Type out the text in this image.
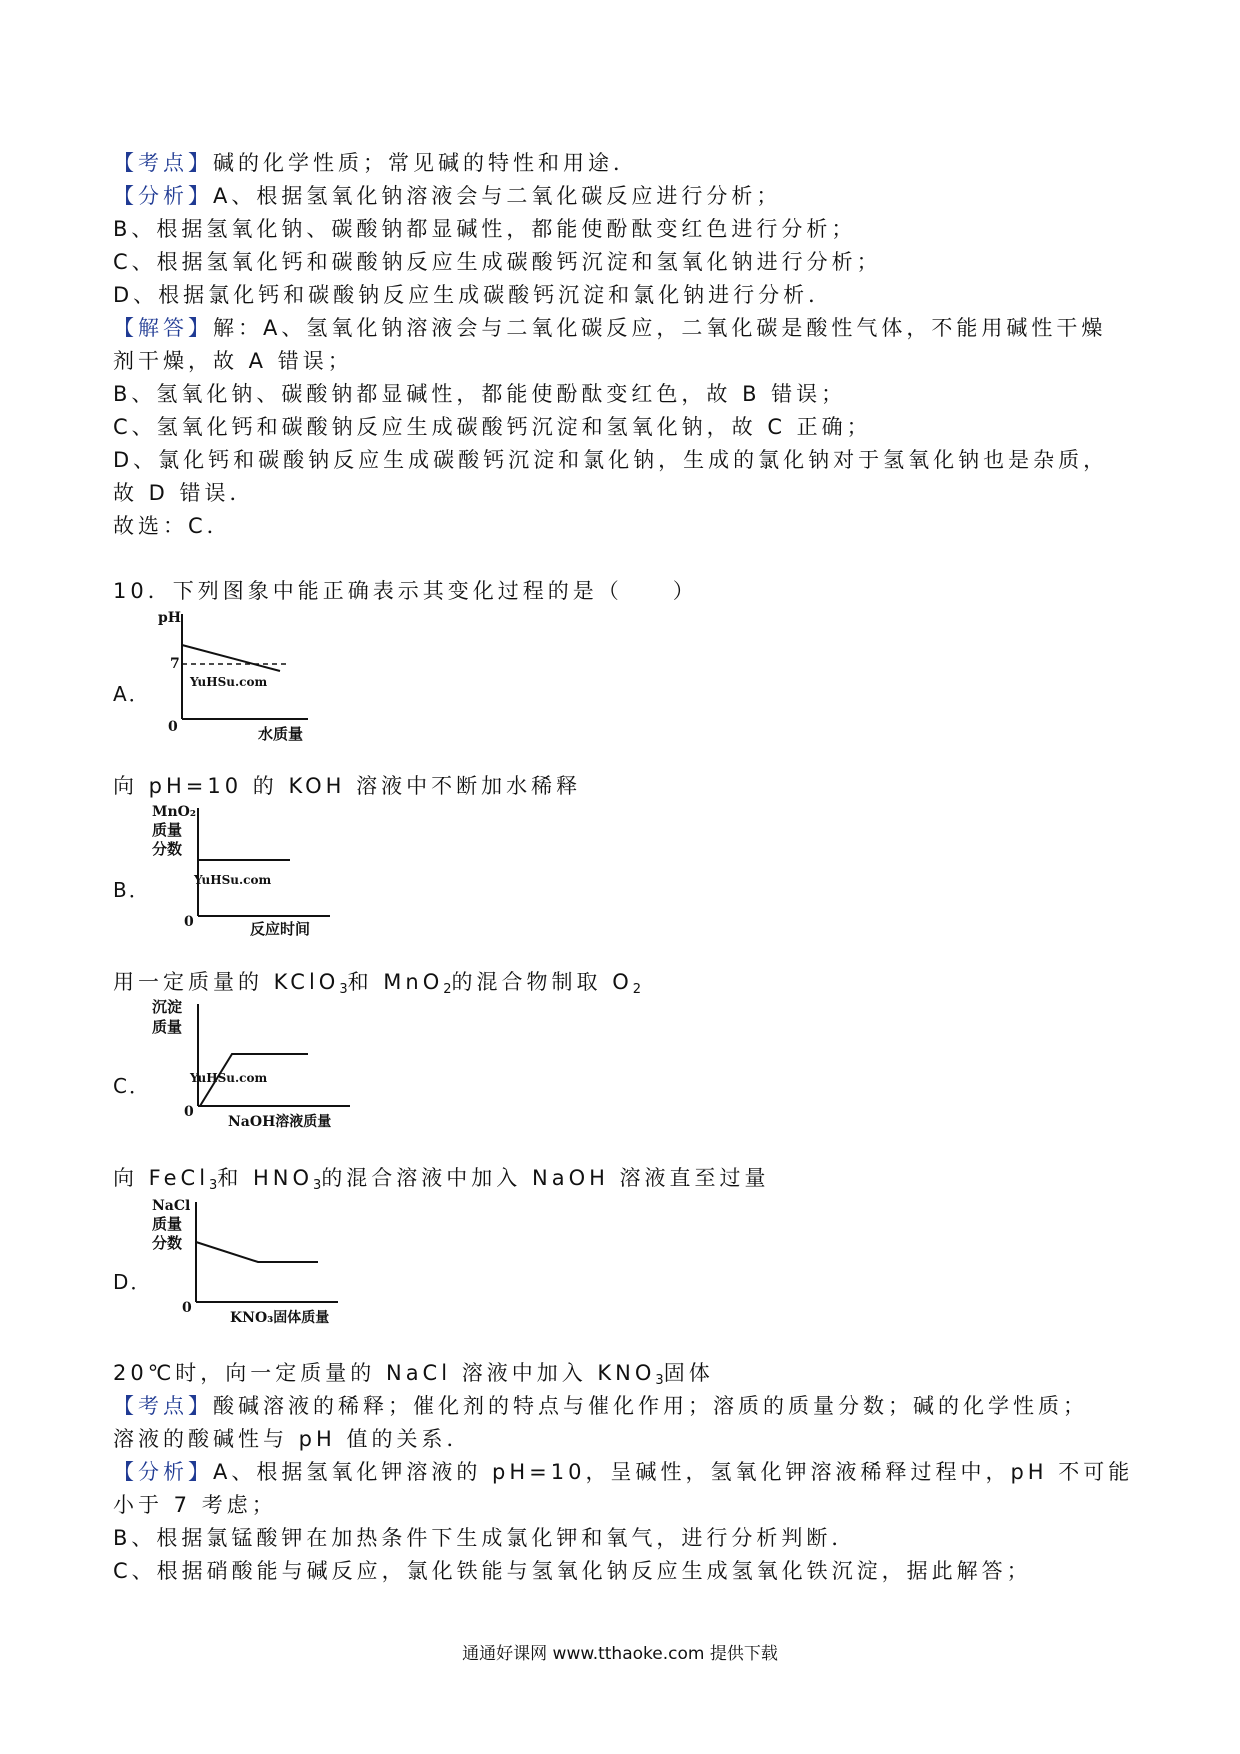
【考点】碱的化学性质；常见碱的特性和用途．
【分析】A、根据氢氧化钠溶液会与二氧化碳反应进行分析；
B、根据氢氧化钠、碳酸钠都显碱性，都能使酚酞变红色进行分析；
C、根据氢氧化钙和碳酸钠反应生成碳酸钙沉淀和氢氧化钠进行分析；
D、根据氯化钙和碳酸钠反应生成碳酸钙沉淀和氯化钠进行分析．
【解答】解：A、氢氧化钠溶液会与二氧化碳反应，二氧化碳是酸性气体，不能用碱性干燥
剂干燥，故 A 错误；
B、氢氧化钠、碳酸钠都显碱性，都能使酚酞变红色，故 B 错误；
C、氢氧化钙和碳酸钠反应生成碳酸钙沉淀和氢氧化钠，故 C 正确；
D、氯化钙和碳酸钠反应生成碳酸钙沉淀和氯化钠，生成的氯化钠对于氢氧化钠也是杂质，
故 D 错误．
故选：C．
10．下列图象中能正确表示其变化过程的是（　　）
A．
pH
YuHSu.com
7
0	水质量
向 pH=10 的 KOH 溶液中不断加水稀释
B．
MnO₂
质量
分数
YuHSu.com
0	反应时间
用一定质量的 KClO$_3$和 MnO$_2$的混合物制取 $O_2$
C．
沉淀
质量
YuHSu.com
0
NaOH溶液质量
向 FeCl$_3$和 $HNO_3$的混合溶液中加入 NaOH 溶液直至过量
D．
NaCl
质量
分数
0
KNO₃固体质量
20℃时，向一定质量的 NaCl 溶液中加入 $KNO_3$固体
【考点】酸碱溶液的稀释；催化剂的特点与催化作用；溶质的质量分数；碱的化学性质；
溶液的酸碱性与 pH 值的关系．
【分析】A、根据氢氧化钾溶液的 pH=10，呈碱性，氢氧化钾溶液稀释过程中，pH 不可能
小于 7 考虑；
B、根据氯锰酸钾在加热条件下生成氯化钾和氧气，进行分析判断．
C、根据硝酸能与碱反应，氯化铁能与氢氧化钠反应生成氢氧化铁沉淀，据此解答；
通通好课网 www.tthaoke.com 提供下载
